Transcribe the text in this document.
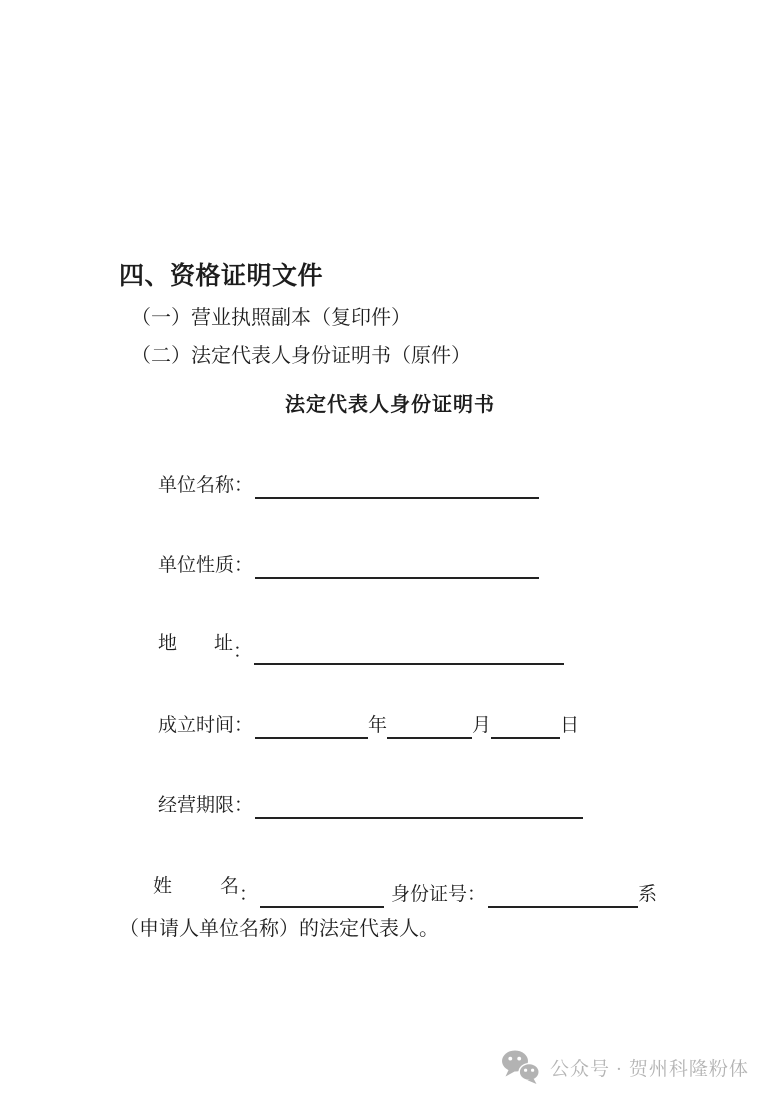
四、资格证明文件
（一）营业执照副本（复印件）
（二）法定代表人身份证明书（原件）
法定代表人身份证明书
单位名称：
单位性质：
地 址：
成立时间：	年	月	日
经营期限：
姓 名：	身份证号：	系
（申请人单位名称）的法定代表人。
公众号 · 贺州科隆粉体
